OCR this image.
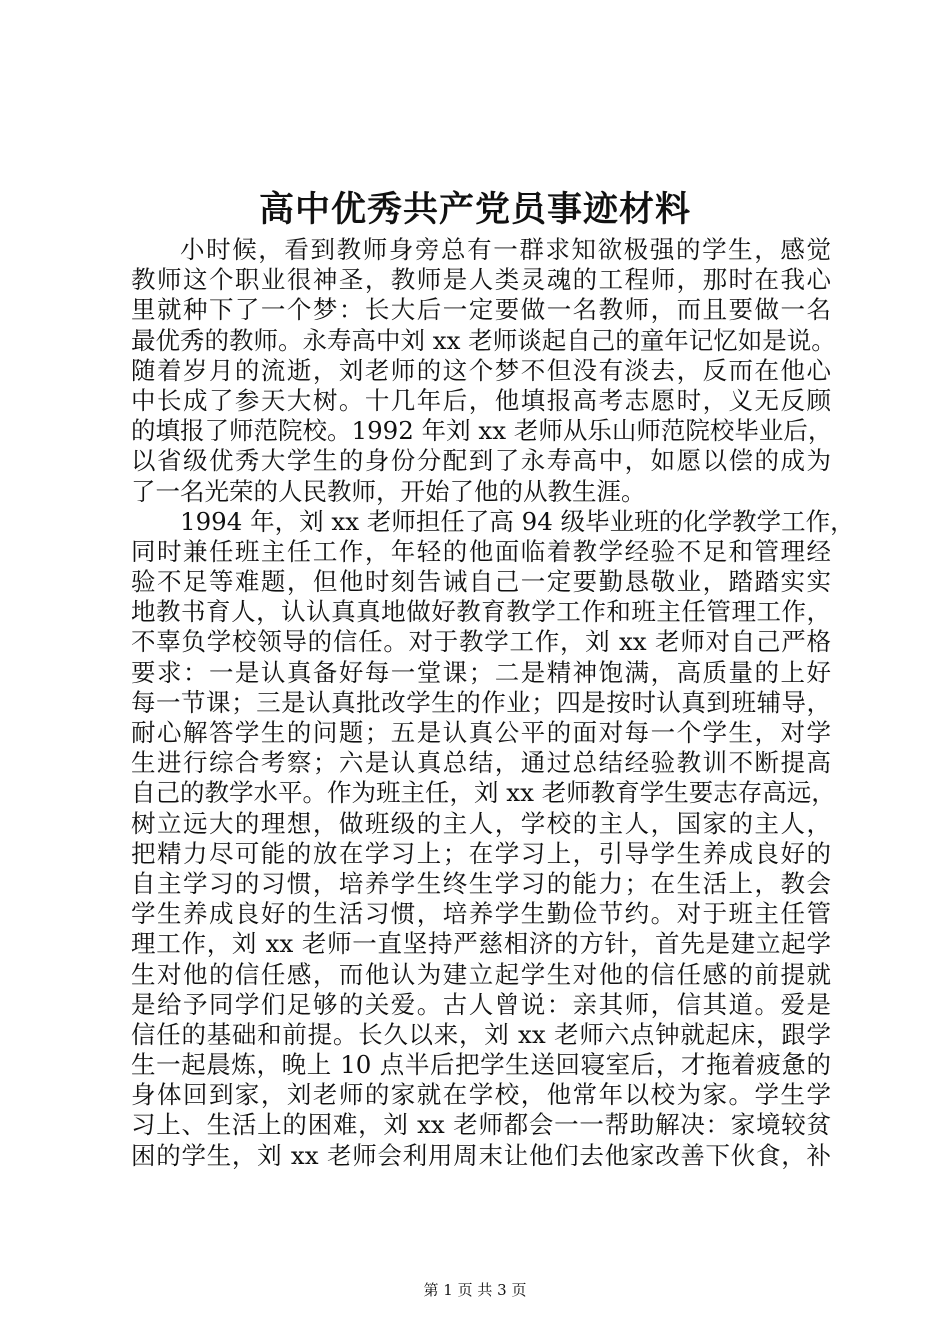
高中优秀共产党员事迹材料
小时候，看到教师身旁总有一群求知欲极强的学生，感觉
教师这个职业很神圣，教师是人类灵魂的工程师，那时在我心
里就种下了一个梦：长大后一定要做一名教师，而且要做一名
最优秀的教师。永寿高中刘 xx 老师谈起自己的童年记忆如是说。
随着岁月的流逝，刘老师的这个梦不但没有淡去，反而在他心
中长成了参天大树。十几年后，他填报高考志愿时，义无反顾
的填报了师范院校。1992 年刘 xx 老师从乐山师范院校毕业后，
以省级优秀大学生的身份分配到了永寿高中，如愿以偿的成为
了一名光荣的人民教师，开始了他的从教生涯。
1994 年，刘 xx 老师担任了高 94 级毕业班的化学教学工作，
同时兼任班主任工作，年轻的他面临着教学经验不足和管理经
验不足等难题，但他时刻告诫自己一定要勤恳敬业，踏踏实实
地教书育人，认认真真地做好教育教学工作和班主任管理工作，
不辜负学校领导的信任。对于教学工作，刘 xx 老师对自己严格
要求：一是认真备好每一堂课；二是精神饱满，高质量的上好
每一节课；三是认真批改学生的作业；四是按时认真到班辅导，
耐心解答学生的问题；五是认真公平的面对每一个学生，对学
生进行综合考察；六是认真总结，通过总结经验教训不断提高
自己的教学水平。作为班主任，刘 xx 老师教育学生要志存高远，
树立远大的理想，做班级的主人，学校的主人，国家的主人，
把精力尽可能的放在学习上；在学习上，引导学生养成良好的
自主学习的习惯，培养学生终生学习的能力；在生活上，教会
学生养成良好的生活习惯，培养学生勤俭节约。对于班主任管
理工作，刘 xx 老师一直坚持严慈相济的方针，首先是建立起学
生对他的信任感，而他认为建立起学生对他的信任感的前提就
是给予同学们足够的关爱。古人曾说：亲其师，信其道。爱是
信任的基础和前提。长久以来，刘 xx 老师六点钟就起床，跟学
生一起晨炼，晚上 10 点半后把学生送回寝室后，才拖着疲惫的
身体回到家，刘老师的家就在学校，他常年以校为家。学生学
习上、生活上的困难，刘 xx 老师都会一一帮助解决：家境较贫
困的学生，刘 xx 老师会利用周末让他们去他家改善下伙食，补
第 1 页 共 3 页
